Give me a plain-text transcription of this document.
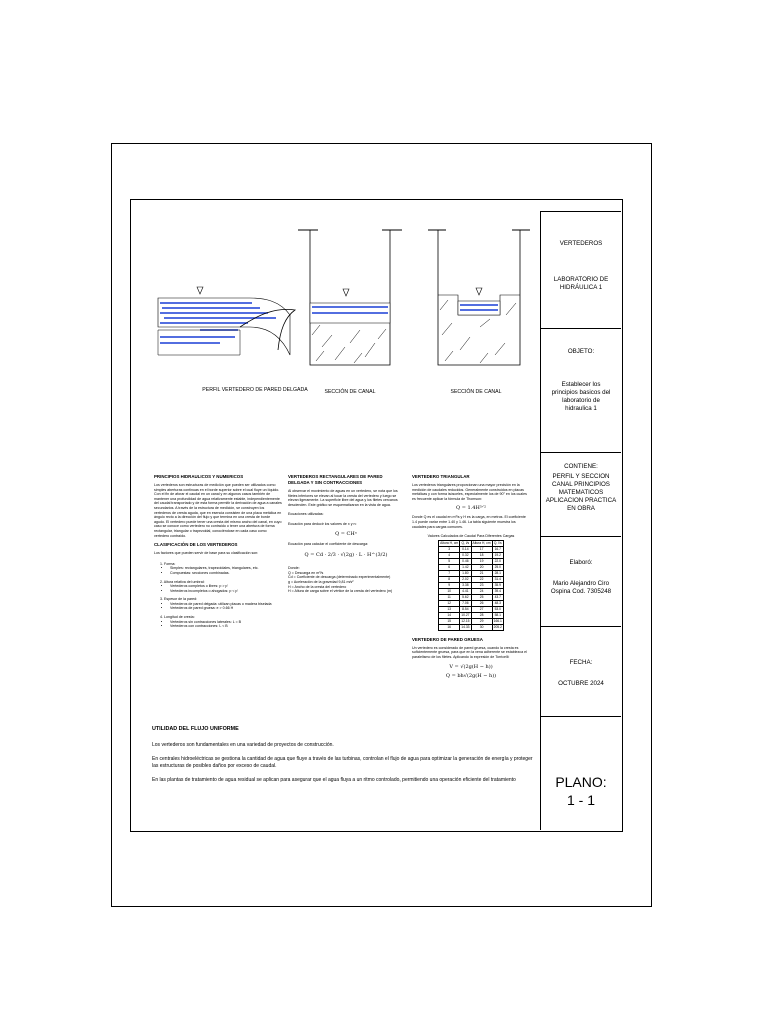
PERFIL VERTEDERO DE PARED DELGADA	SECCIÓN DE CANAL	SECCIÓN DE CANAL
PRINCIPIOS HIDRAULICOS Y NUMERICOS
Los vertederos son estructuras de medición que pueden ser utilizados como simples aberturas continuas en el borde superior sobre el cual fluye un líquido. Con el fin de aforar el caudal en un canal y en algunos casos también de mantener una profundidad de agua relativamente estable, independientemente del caudal transportado y de esta forma permitir la derivación de agua a canales secundarios. A través de la estructura de medición, se construyen los vertederos de cresta aguda, que en esencia consisten de una placa metálica en ángulo recto a la dirección del flujo y que termina en una cresta de borde agudo. El vertedero puede tener una cresta del mismo ancho del canal, en cuyo caso se conoce como vertedero no contraído o tener una abertura de forma rectangular, triangular o trapezoidal, conociéndose en cada caso como vertedero contraído.
CLASIFICACIÓN DE LOS VERTEDEROS
Los factores que pueden servir de base para su clasificación son:
1. Forma:
• Simples: rectangulares, trapezoidales, triangulares, etc.
• Compuestas: secciones combinadas.
2. Altura relativa del umbral:
• Vertederos completos o libres: p > p'
• Vertederos incompletos o ahogados: p < p'
3. Espesor de la pared:
• Vertederos de pared delgada: utilizan placas o madera biselada
• Vertederos de pared gruesa: e > 0.66 H
4. Longitud de cresta:
• Vertederos sin contracciones laterales: L = B
• Vertederos con contracciones: L < B
VERTEDEROS RECTANGULARES DE PARED DELGADA Y SIN CONTRACCIONES
Al observar el movimiento de aguas en un vertedero, se nota que los filetes inferiores se elevan al tocar la cresta del vertedero y luego se elevan ligeramente. La superficie libre del agua y los filetes cercanos descienden. Este gráfico se esquematizaran en la vista de agua.
Ecuaciones utilizadas:
Ecuación para deducir los valores de x y n:
Q = CHⁿ
Ecuación para calcular el coeficiente de descarga:
Q = Cd · 2/3 · √(2g) · L · H^(3/2)
Donde:
Q = Descarga en m³/s
Cd = Coeficiente de descarga (determinado experimentalmente)
g = Aceleración de la gravedad 9,81 m/s²
H = Ancho de la cresta del vertedero
H = Altura de carga sobre el vértice de la cresta del vertedero (m)
VERTEDERO TRIANGULAR
Los vertederos triangulares proporcionan una mayor precisión en la medición de caudales reducidos. Generalmente construidos en placas metálicas y con forma isósceles, especialmente los de 90° en los cuales es frecuente aplicar la fórmula de Thomson:
Q = 1.4H⁵ᐟ²
Donde Q es el caudal en m³/s y H es la carga, en metros. El coeficiente 1.4 puede variar entre 1.40 y 1.46. La tabla siguiente muestra los caudales para cargas comunes.
Valores Calculados de Caudal Para Diferentes Cargas
Altura H, cm	Q, l/s	Altura H, cm	Q, l/s
3	0.14	17	16.7
4	0.32	18	19.2
5	0.46	19	22.0
6	1.42	20	25.0
7	1.80	21	28.1
8	2.02	22	31.4
9	3.38	23	35.9
10	4.41	24	39.4
11	5.62	25	43.7
12	7.06	26	48.3
13	8.54	27	53.0
14	10.27	28	58.1
15	12.15	29	166.1
16	14.33	30	205.2
VERTEDERO DE PARED GRUESA
Un vertedero es considerado de pared gruesa, cuando la cresta es suficientemente gruesa, para que en la vena adherente se establezca el paralelismo de los filetes. Aplicando la expresión de Torricelli:
V = √(2g(H − h))
Q = bh√(2g(H − h))
UTILIDAD DEL FLUJO UNIFORME
Los vertederos son fundamentales en una variedad de proyectos de construcción.
En centrales hidroeléctricas se gestiona la cantidad de agua que fluye a través de las turbinas, controlan el flujo de agua para optimizar la generación de energía y proteger las estructuras de posibles daños por exceso de caudal.
En las plantas de tratamiento de agua residual se aplican para asegurar que el agua fluya a un ritmo controlado, permitiendo una operación eficiente del tratamiento
VERTEDEROS
LABORATORIO DE HIDRÁULICA 1
OBJETO:
Establecer los principios basicos del laboratorio de hidraulica 1
CONTIENE:
PERFIL Y SECCION CANAL PRINCIPIOS MATEMATICOS APLICACION PRACTICA EN OBRA
Elaboró:
Mario Alejandro Ciro Ospina Cod. 7305248
FECHA:
OCTUBRE 2024
PLANO:
1 - 1
